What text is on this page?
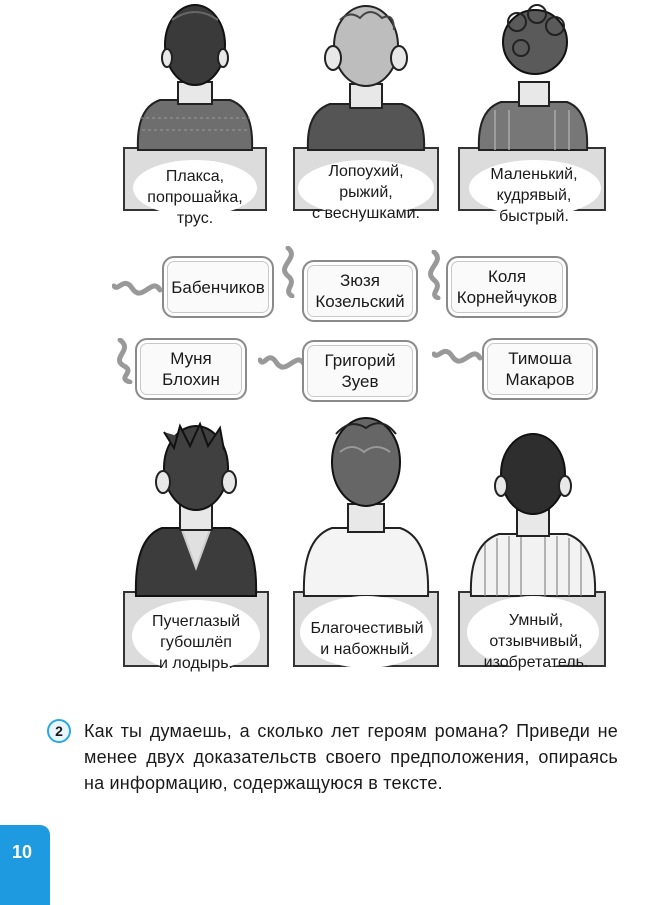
Плакса,
попрошайка,
трус.
Лопоухий,
рыжий,
с веснушками.
Маленький,
кудрявый,
быстрый.
Бабенчиков	Зюзя
Козельский
Коля
Корнейчуков
Муня
Блохин
Григорий
Зуев
Тимоша
Макаров
Пучеглазый
губошлёп
и лодырь.
Благочестивый
и набожный.
Умный,
отзывчивый,
изобретатель.
2	Как ты думаешь, а сколько лет героям романа? Приведи не менее двух доказательств своего предположения, опираясь на информацию, содержащуюся в тексте.
10
